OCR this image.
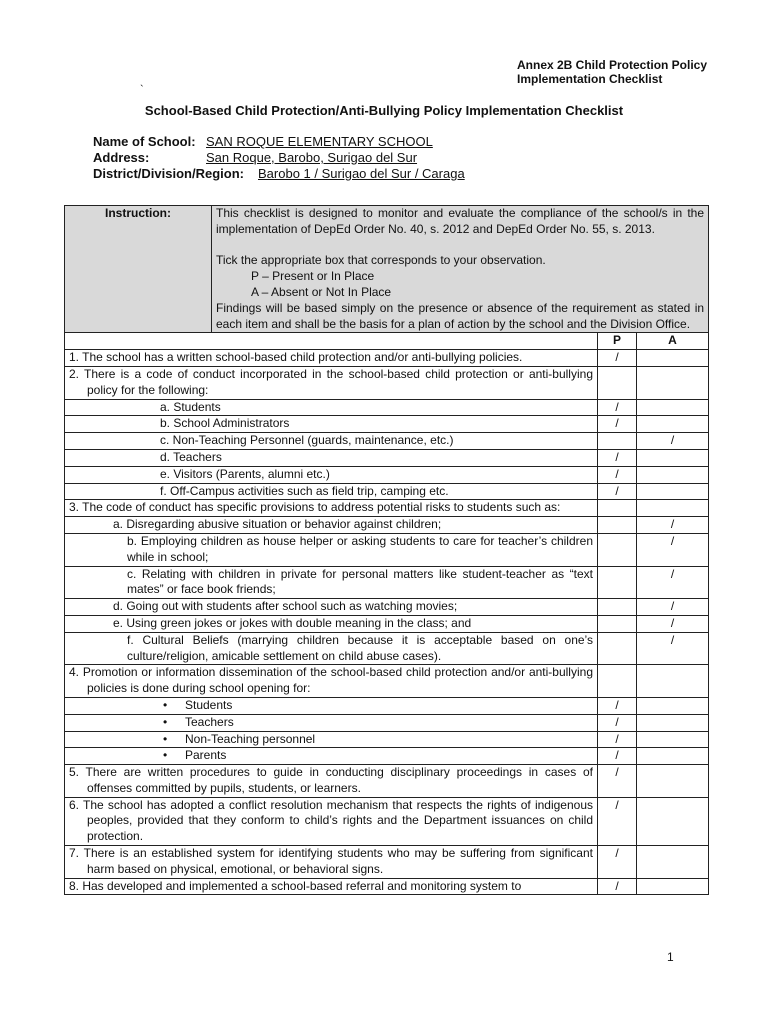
Annex 2B Child Protection Policy
Implementation Checklist
`
School-Based Child Protection/Anti-Bullying Policy Implementation Checklist
Name of School: SAN ROQUE ELEMENTARY SCHOOL
Address:	San Roque, Barobo, Surigao del Sur
District/Division/Region: Barobo 1 / Surigao del Sur / Caraga
Instruction:	This checklist is designed to monitor and evaluate the compliance of the school/s in the implementation of DepEd Order No. 40, s. 2012 and DepEd Order No. 55, s. 2013.
Tick the appropriate box that corresponds to your observation.
P – Present or In Place
A – Absent or Not In Place
Findings will be based simply on the presence or absence of the requirement as stated in each item and shall be the basis for a plan of action by the school and the Division Office.		

		P	A
1. The school has a written school-based child protection and/or anti-bullying policies.		/	
2. There is a code of conduct incorporated in the school-based child protection or anti-bullying policy for the following:			
a. Students		/	
b. School Administrators		/	
c. Non-Teaching Personnel (guards, maintenance, etc.)			/
d. Teachers		/	
e. Visitors (Parents, alumni etc.)		/	
f. Off-Campus activities such as field trip, camping etc.		/	
3. The code of conduct has specific provisions to address potential risks to students such as:			
a. Disregarding abusive situation or behavior against children;			/
b. Employing children as house helper or asking students to care for teacher’s children while in school;			/
c. Relating with children in private for personal matters like student-teacher as “text mates” or face book friends;			/
d. Going out with students after school such as watching movies;			/
e. Using green jokes or jokes with double meaning in the class; and			/
f. Cultural Beliefs (marrying children because it is acceptable based on one’s culture/religion, amicable settlement on child abuse cases).			/
4. Promotion or information dissemination of the school-based child protection and/or anti-bullying policies is done during school opening for:			
• Students		/	
• Teachers		/	
• Non-Teaching personnel		/	
• Parents		/	
5. There are written procedures to guide in conducting disciplinary proceedings in cases of offenses committed by pupils, students, or learners.		/	
6. The school has adopted a conflict resolution mechanism that respects the rights of indigenous peoples, provided that they conform to child’s rights and the Department issuances on child protection.		/	
7. There is an established system for identifying students who may be suffering from significant harm based on physical, emotional, or behavioral signs.		/	
8. Has developed and implemented a school-based referral and monitoring system to		/	
1
